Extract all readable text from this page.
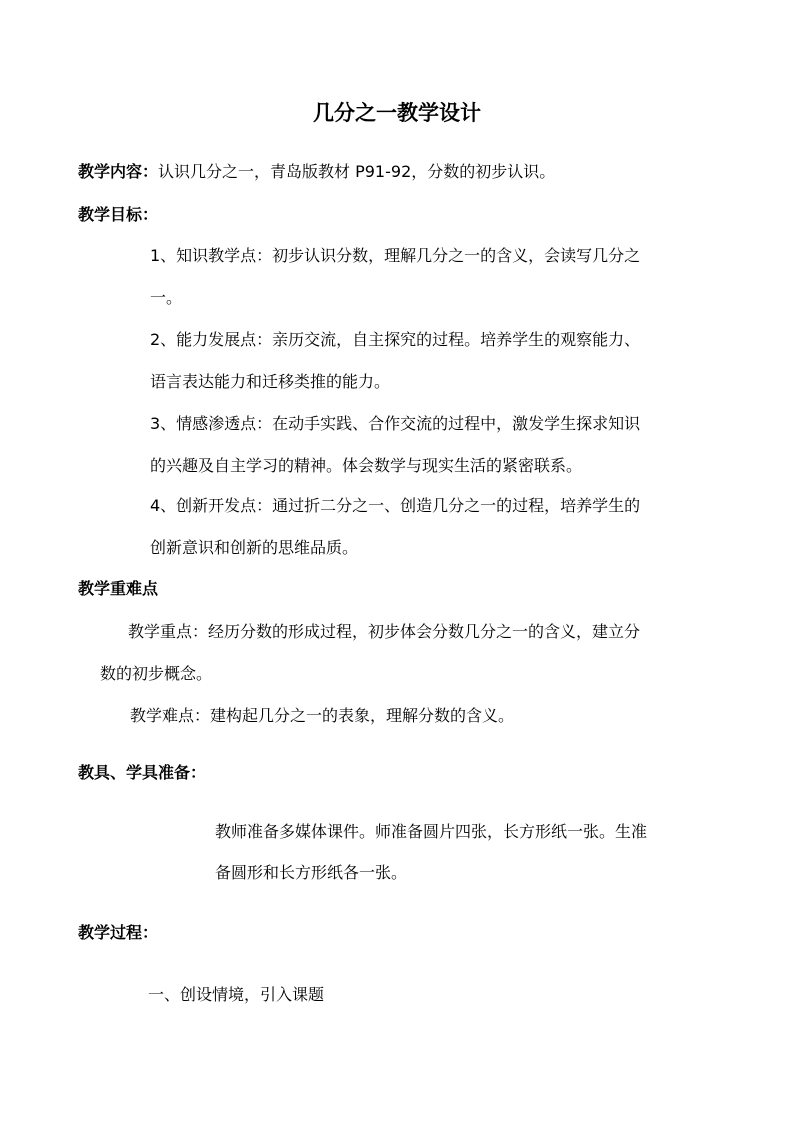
几分之一教学设计
教学内容：认识几分之一，青岛版教材 P91-92，分数的初步认识。
教学目标：
1、知识教学点：初步认识分数，理解几分之一的含义，会读写几分之
一。
2、能力发展点：亲历交流，自主探究的过程。培养学生的观察能力、
语言表达能力和迁移类推的能力。
3、情感渗透点：在动手实践、合作交流的过程中，激发学生探求知识
的兴趣及自主学习的精神。体会数学与现实生活的紧密联系。
4、创新开发点：通过折二分之一、创造几分之一的过程，培养学生的
创新意识和创新的思维品质。
教学重难点
教学重点：经历分数的形成过程，初步体会分数几分之一的含义，建立分
数的初步概念。
教学难点：建构起几分之一的表象，理解分数的含义。
教具、学具准备：
教师准备多媒体课件。师准备圆片四张，长方形纸一张。生准
备圆形和长方形纸各一张。
教学过程：
一、创设情境，引入课题
